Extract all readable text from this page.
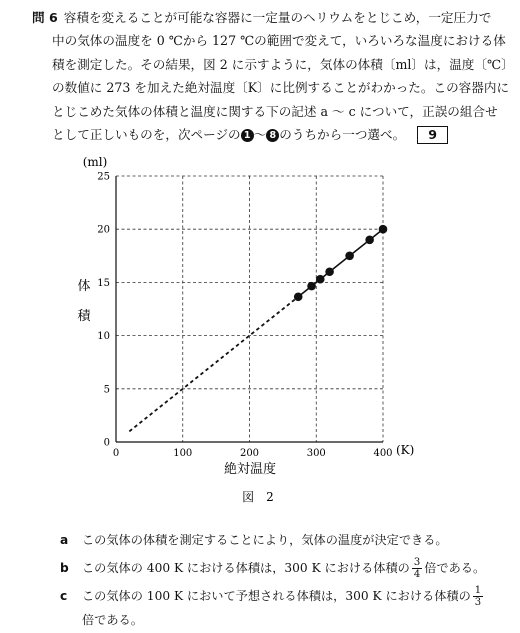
問 6 容積を変えることが可能な容器に一定量のヘリウムをとじこめ，一定圧力で
中の気体の温度を 0 ℃から 127 ℃の範囲で変えて，いろいろな温度における体
積を測定した。その結果，図 2 に示すように，気体の体積〔ml〕は，温度〔℃〕
の数値に 273 を加えた絶対温度〔K〕に比例することがわかった。この容器内に
とじこめた気体の体積と温度に関する下の記述 a ～ c について，正誤の組合せ
として正しいものを，次ページの 1 ～ 8 のうちから一つ選べ。 9
0	100	200	300	400
0
5
10
15
20
25
(ml)
体
積
(K)
絶対温度
図　2
a この気体の体積を測定することにより，気体の温度が決定できる。
b この気体の 400 K における体積は，300 K における体積の $\frac{3}{4}$ 倍である。
c この気体の 100 K において予想される体積は，300 K における体積の $\frac{1}{3}$

倍である。
